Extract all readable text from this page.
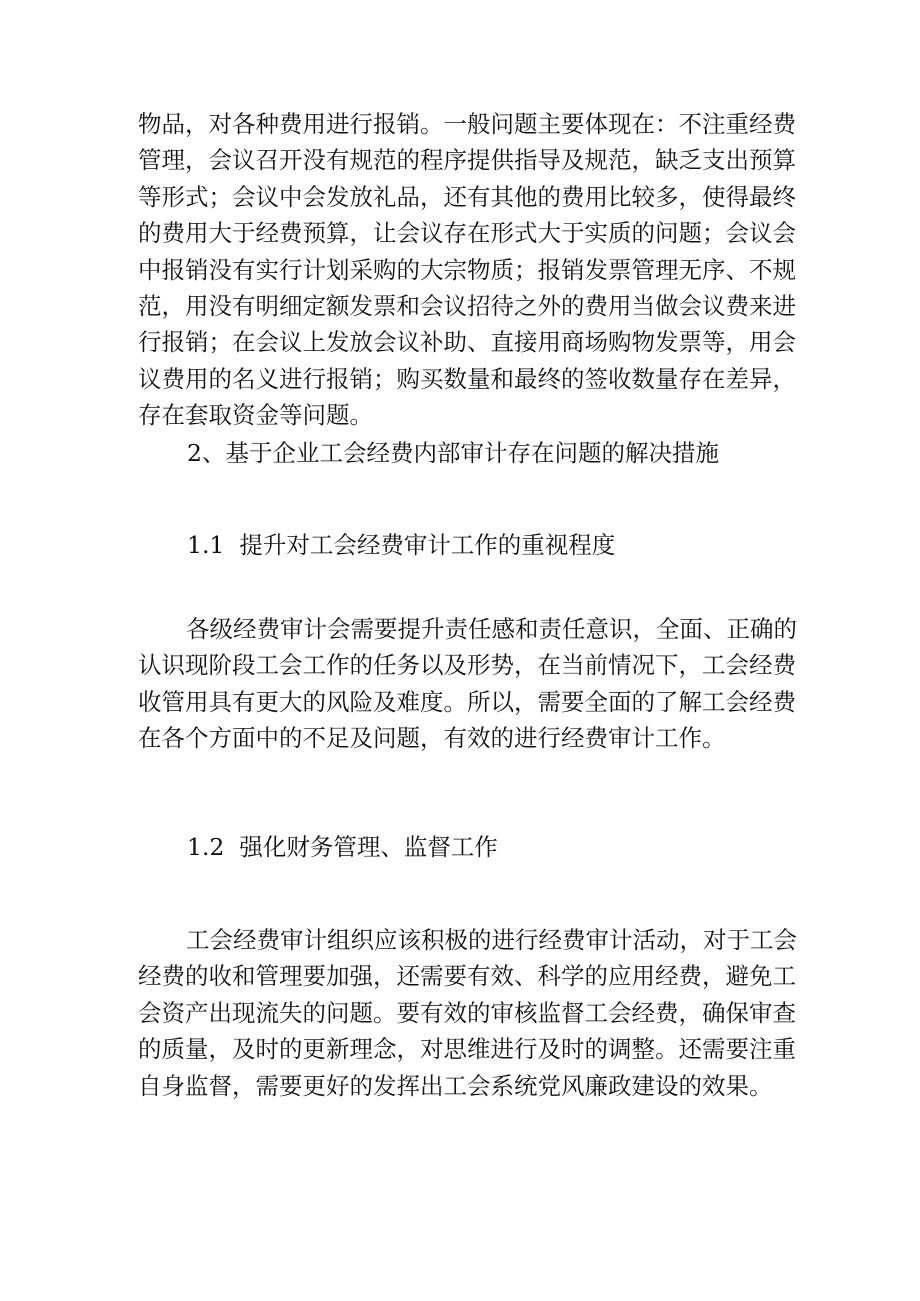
物品，对各种费用进行报销。一般问题主要体现在：不注重经费
管理，会议召开没有规范的程序提供指导及规范，缺乏支出预算
等形式；会议中会发放礼品，还有其他的费用比较多，使得最终
的费用大于经费预算，让会议存在形式大于实质的问题；会议会
中报销没有实行计划采购的大宗物质；报销发票管理无序、不规
范，用没有明细定额发票和会议招待之外的费用当做会议费来进
行报销；在会议上发放会议补助、直接用商场购物发票等，用会
议费用的名义进行报销；购买数量和最终的签收数量存在差异，
存在套取资金等问题。
2、基于企业工会经费内部审计存在问题的解决措施
1.1  提升对工会经费审计工作的重视程度
各级经费审计会需要提升责任感和责任意识，全面、正确的
认识现阶段工会工作的任务以及形势，在当前情况下，工会经费
收管用具有更大的风险及难度。所以，需要全面的了解工会经费
在各个方面中的不足及问题，有效的进行经费审计工作。
1.2  强化财务管理、监督工作
工会经费审计组织应该积极的进行经费审计活动，对于工会
经费的收和管理要加强，还需要有效、科学的应用经费，避免工
会资产出现流失的问题。要有效的审核监督工会经费，确保审查
的质量，及时的更新理念，对思维进行及时的调整。还需要注重
自身监督，需要更好的发挥出工会系统党风廉政建设的效果。
